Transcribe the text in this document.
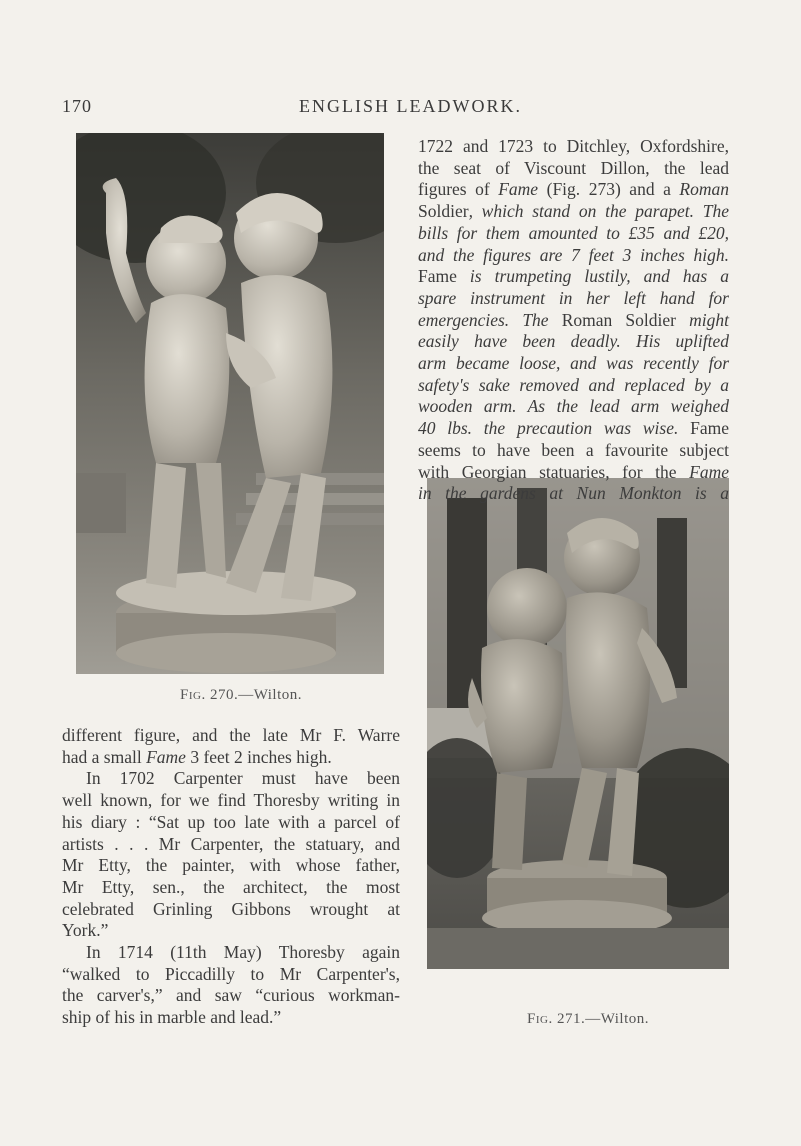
170	ENGLISH LEADWORK.
Fig. 270.—Wilton.
Fig. 271.—Wilton.
1722 and 1723 to Ditchley, Oxfordshire,
the seat of Viscount Dillon, the lead
figures of Fame (Fig. 273) and a Roman
Soldier, which stand on the parapet. The
bills for them amounted to £35 and £20,
and the figures are 7 feet 3 inches high.
Fame is trumpeting lustily, and has a
spare instrument in her left hand for
emergencies. The Roman Soldier might
easily have been deadly. His uplifted
arm became loose, and was recently for
safety's sake removed and replaced by a
wooden arm. As the lead arm weighed
40 lbs. the precaution was wise. Fame
seems to have been a favourite subject
with Georgian statuaries, for the Fame
in the gardens at Nun Monkton is a
different figure, and the late Mr F. Warre
had a small Fame 3 feet 2 inches high.
In 1702 Carpenter must have been
well known, for we find Thoresby writing in
his diary : “Sat up too late with a parcel of
artists . . . Mr Carpenter, the statuary, and
Mr Etty, the painter, with whose father,
Mr Etty, sen., the architect, the most
celebrated Grinling Gibbons wrought at
York.”
In 1714 (11th May) Thoresby again
“walked to Piccadilly to Mr Carpenter's,
the carver's,” and saw “curious workman-
ship of his in marble and lead.”
